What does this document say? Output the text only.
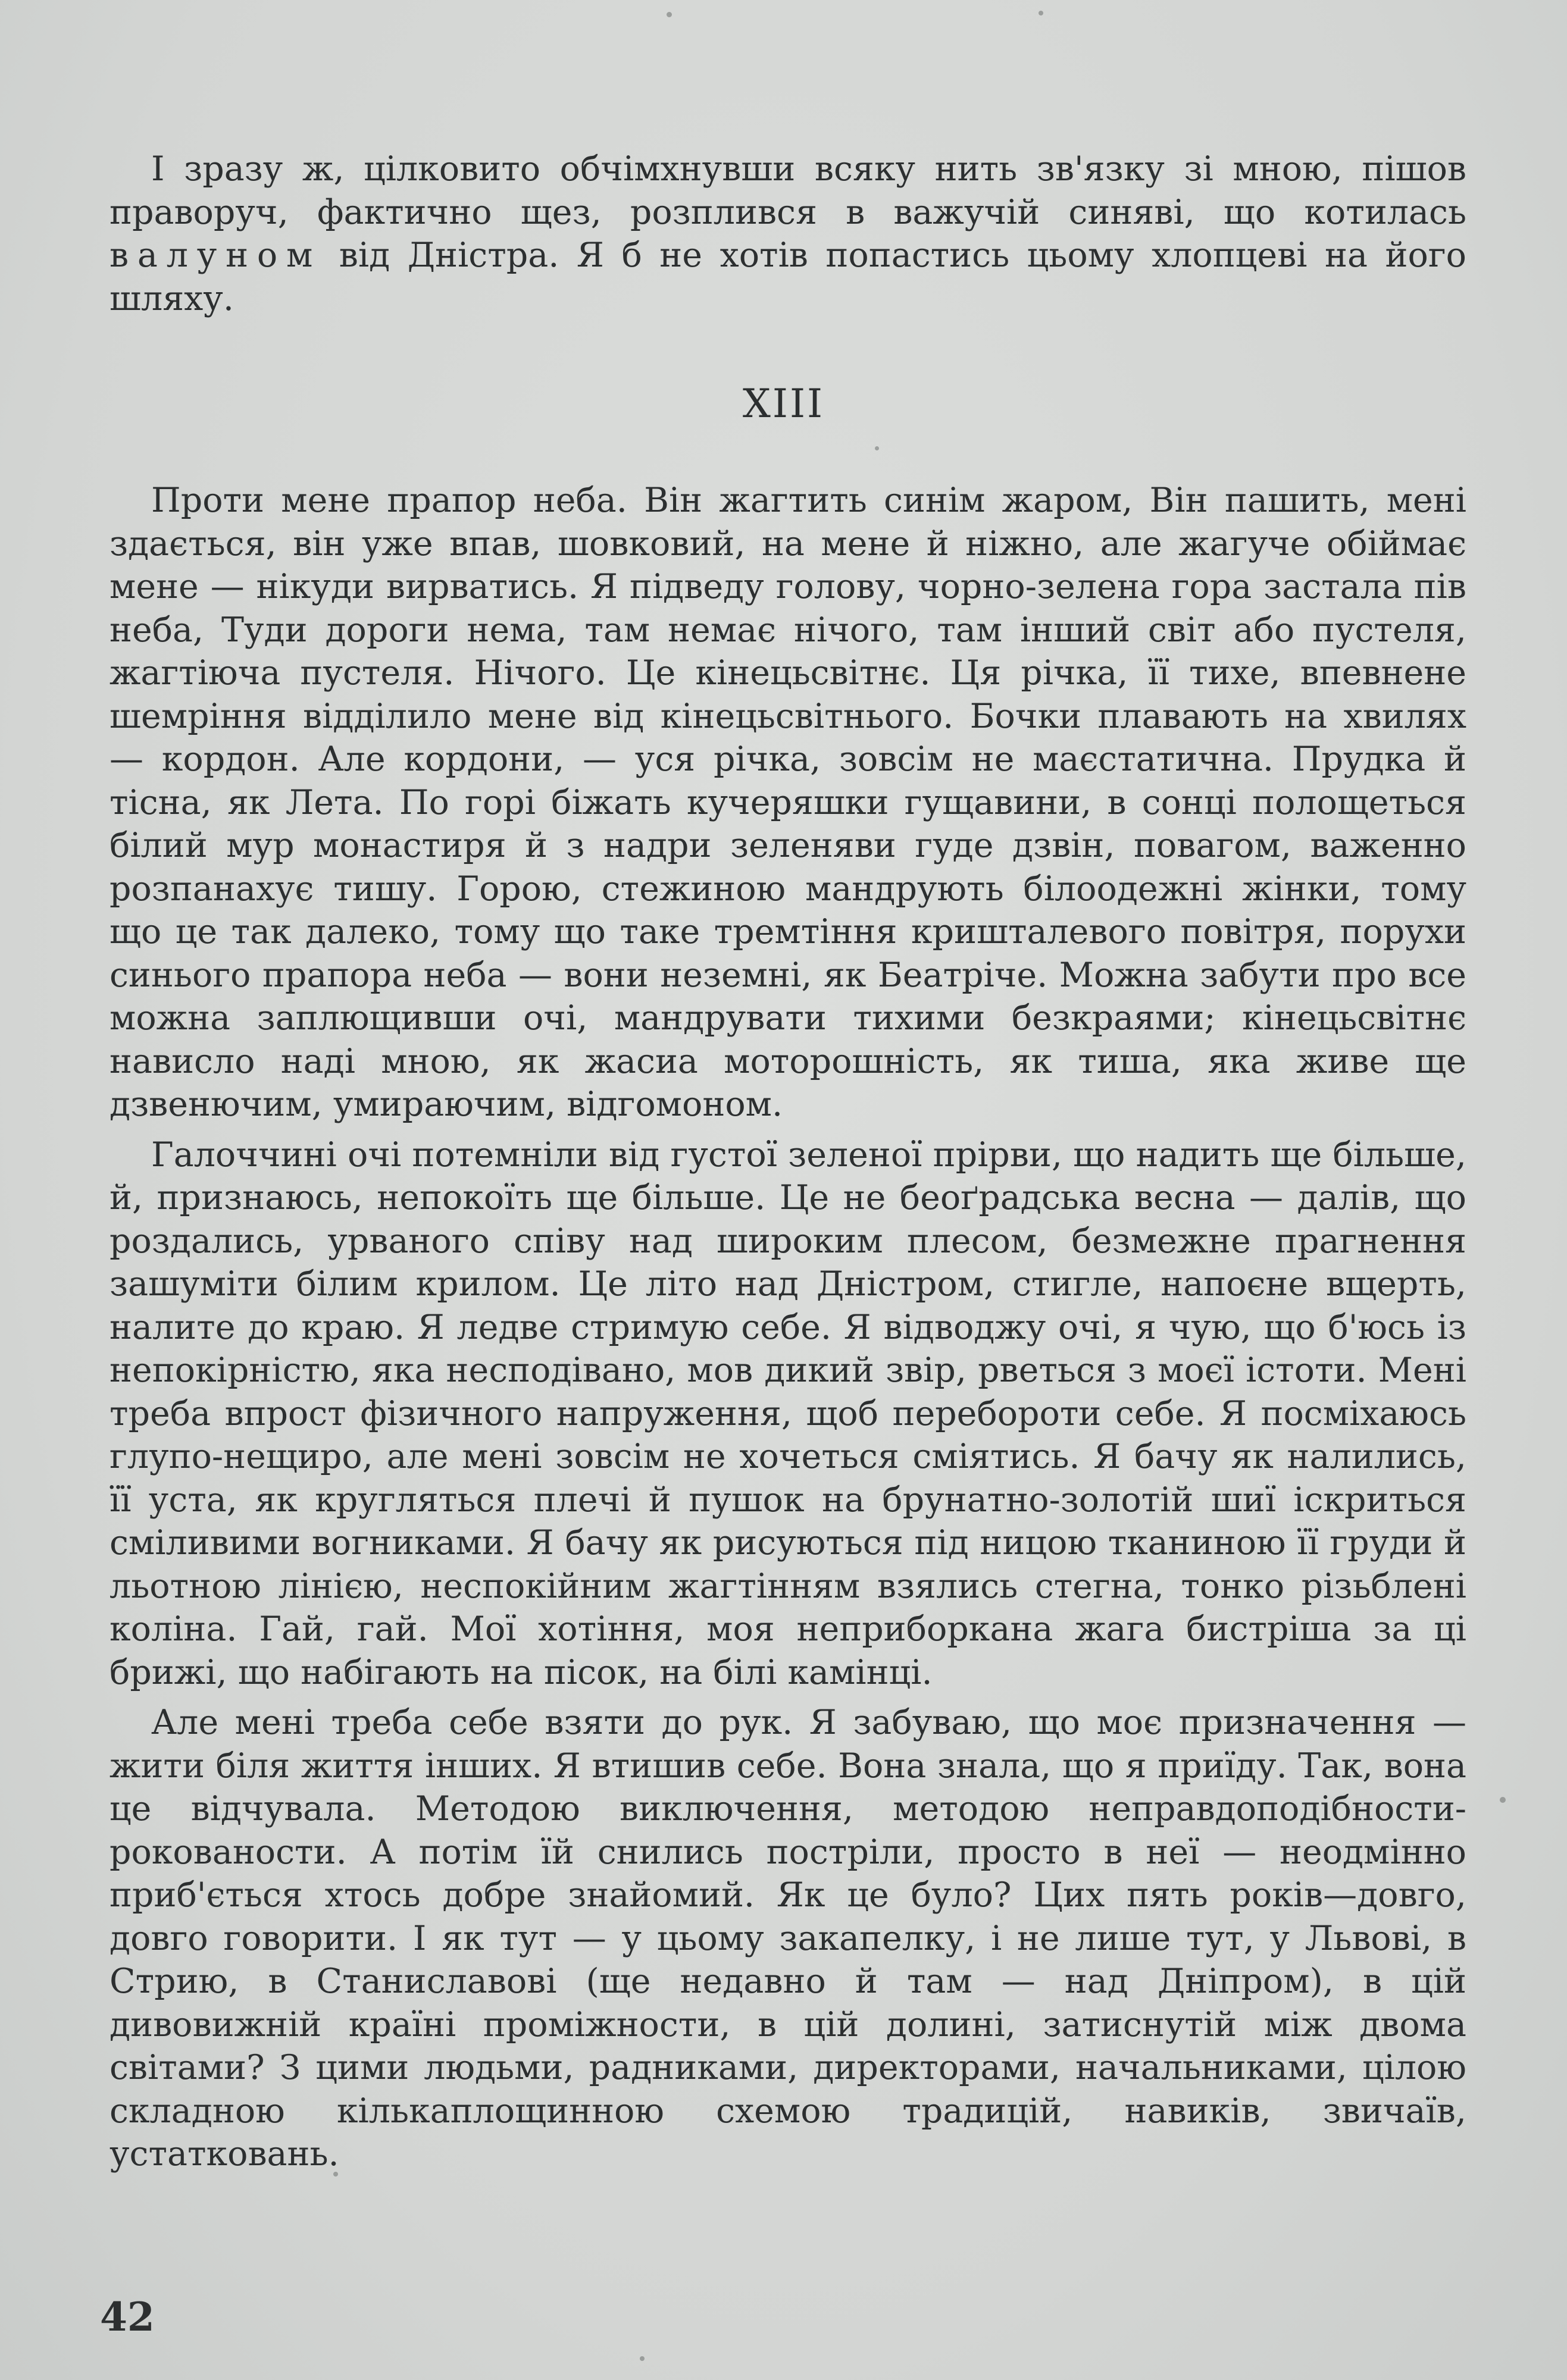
І зразу ж, цілковито обчімхнувши всяку нить зв'язку зі мною, пішов праворуч, фактично щез, розплився в важучій синяві, що котилась валуном від Дністра. Я б не хотів попастись цьому хлопцеві на його шляху.

XIII

Проти мене прапор неба. Він жагтить синім жаром, Він пашить, мені здається, він уже впав, шовковий, на мене й ніжно, але жагуче обіймає мене — нікуди вирватись. Я підведу голову, чорно-зелена гора застала пів неба, Туди дороги нема, там немає нічого, там інший світ або пустеля, жагтіюча пустеля. Нічого. Це кінецьсвітнє. Ця річка, її тихе, впевнене шемріння відділило мене від кінецьсвітнього. Бочки плавають на хвилях — кордон. Але кордони, — уся річка, зовсім не маєстатична. Прудка й тісна, як Лета. По горі біжать кучеряшки гущавини, в сонці полощеться білий мур монастиря й з надри зеленяви гуде дзвін, повагом, важенно розпанахує тишу. Горою, стежиною мандрують білоодежні жінки, тому що це так далеко, тому що таке тремтіння кришталевого повітря, порухи синього прапора неба — вони неземні, як Беатріче. Можна забути про все можна заплющивши очі, мандрувати тихими безкраями; кінецьсвітнє нависло наді мною, як жасиа моторошність, як тиша, яка живе ще дзвенючим, умираючим, відгомоном.

Галоччині очі потемніли від густої зеленої прірви, що надить ще більше, й, признаюсь, непокоїть ще більше. Це не беоґрадська весна — далів, що роздались, урваного співу над широким плесом, безмежне прагнення зашуміти білим крилом. Це літо над Дністром, стигле, напоєне вщерть, налите до краю. Я ледве стримую себе. Я відводжу очі, я чую, що б'юсь із непокірністю, яка несподівано, мов дикий звір, рветься з моєї істоти. Мені треба впрост фізичного напруження, щоб перебороти себе. Я посміхаюсь глупо-нещиро, але мені зовсім не хочеться сміятись. Я бачу як налились, її уста, як кругляться плечі й пушок на брунатно-золотій шиї іскриться сміливими вогниками. Я бачу як рисуються під ницою тканиною її груди й льотною лінією, неспокійним жагтінням взялись стегна, тонко різьблені коліна. Гай, гай. Мої хотіння, моя неприборкана жага бистріша за ці брижі, що набігають на пісок, на білі камінці.

Але мені треба себе взяти до рук. Я забуваю, що моє призначення — жити біля життя інших. Я втишив себе. Вона знала, що я приїду. Так, вона це відчувала. Методою виключення, методою неправдоподібностирокованости. А потім їй снились постріли, просто в неї — неодмінно приб'ється хтось добре знайомий. Як це було? Цих пять років—довго, довго говорити. І як тут — у цьому закапелку, і не лише тут, у Львові, в Стрию, в Станиславові (ще недавно й там — над Дніпром), в цій дивовижній країні проміжности, в цій долині, затиснутій між двома світами? З цими людьми, радниками, директорами, начальниками, цілою складною кількаплощинною схемою традицій, навиків, звичаїв, устатковань.

42
